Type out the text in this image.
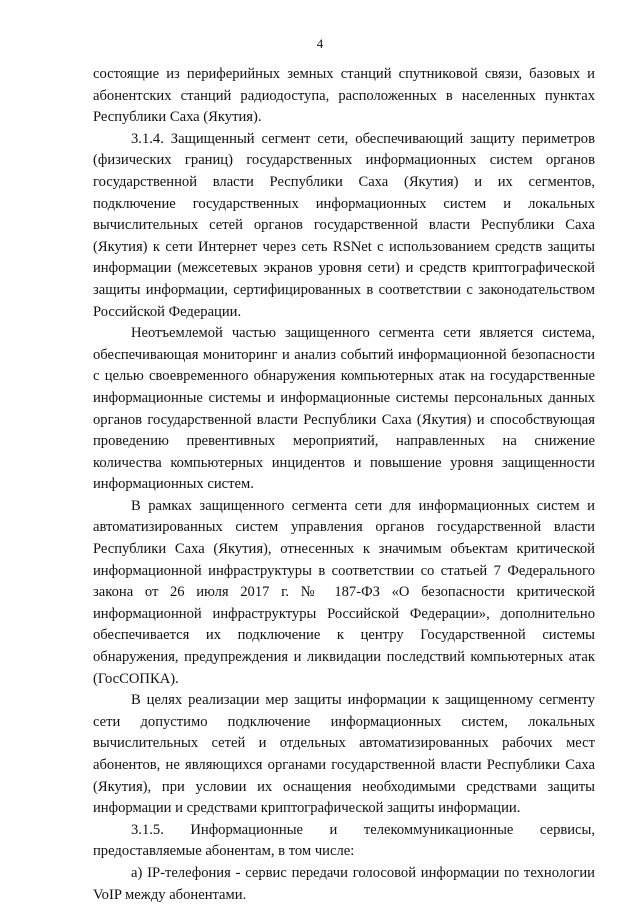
4

состоящие из периферийных земных станций спутниковой связи, базовых и абонентских станций радиодоступа, расположенных в населенных пунктах Республики Саха (Якутия).

3.1.4. Защищенный сегмент сети, обеспечивающий защиту периметров (физических границ) государственных информационных систем органов государственной власти Республики Саха (Якутия) и их сегментов, подключение государственных информационных систем и локальных вычислительных сетей органов государственной власти Республики Саха (Якутия) к сети Интернет через сеть RSNet с использованием средств защиты информации (межсетевых экранов уровня сети) и средств криптографической защиты информации, сертифицированных в соответствии с законодательством Российской Федерации.

Неотъемлемой частью защищенного сегмента сети является система, обеспечивающая мониторинг и анализ событий информационной безопасности с целью своевременного обнаружения компьютерных атак на государственные информационные системы и информационные системы персональных данных органов государственной власти Республики Саха (Якутия) и способствующая проведению превентивных мероприятий, направленных на снижение количества компьютерных инцидентов и повышение уровня защищенности информационных систем.

В рамках защищенного сегмента сети для информационных систем и автоматизированных систем управления органов государственной власти Республики Саха (Якутия), отнесенных к значимым объектам критической информационной инфраструктуры в соответствии со статьей 7 Федерального закона от 26 июля 2017 г. № 187-ФЗ «О безопасности критической информационной инфраструктуры Российской Федерации», дополнительно обеспечивается их подключение к центру Государственной системы обнаружения, предупреждения и ликвидации последствий компьютерных атак (ГосСОПКА).

В целях реализации мер защиты информации к защищенному сегменту сети допустимо подключение информационных систем, локальных вычислительных сетей и отдельных автоматизированных рабочих мест абонентов, не являющихся органами государственной власти Республики Саха (Якутия), при условии их оснащения необходимыми средствами защиты информации и средствами криптографической защиты информации.

3.1.5. Информационные и телекоммуникационные сервисы, предоставляемые абонентам, в том числе:

а) IP-телефония - сервис передачи голосовой информации по технологии VoIP между абонентами.
